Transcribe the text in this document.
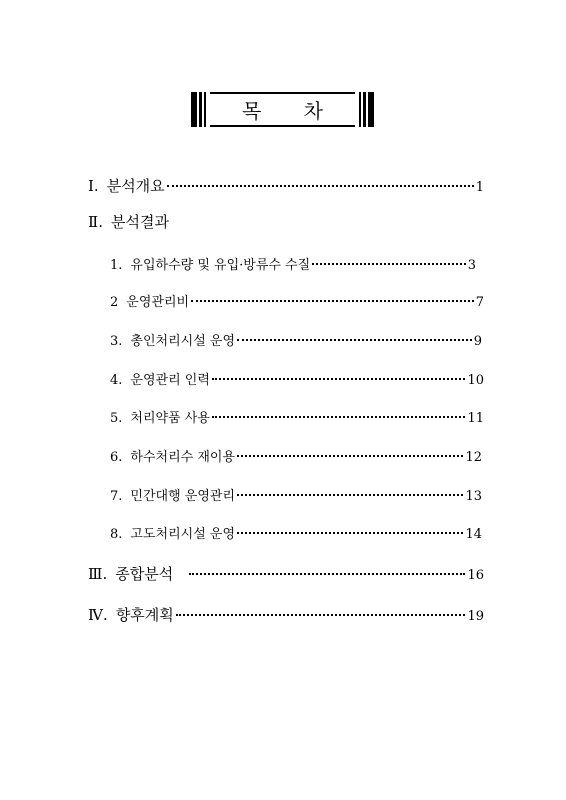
목 차
Ⅰ. 분석개요	1
Ⅱ. 분석결과
1. 유입하수량 및 유입·방류수 수질	3
2 운영관리비	7
3. 총인처리시설 운영	9
4. 운영관리 인력	10
5. 처리약품 사용	11
6. 하수처리수 재이용	12
7. 민간대행 운영관리	13
8. 고도처리시설 운영	14
Ⅲ. 종합분석	16
Ⅳ. 향후계획	19
